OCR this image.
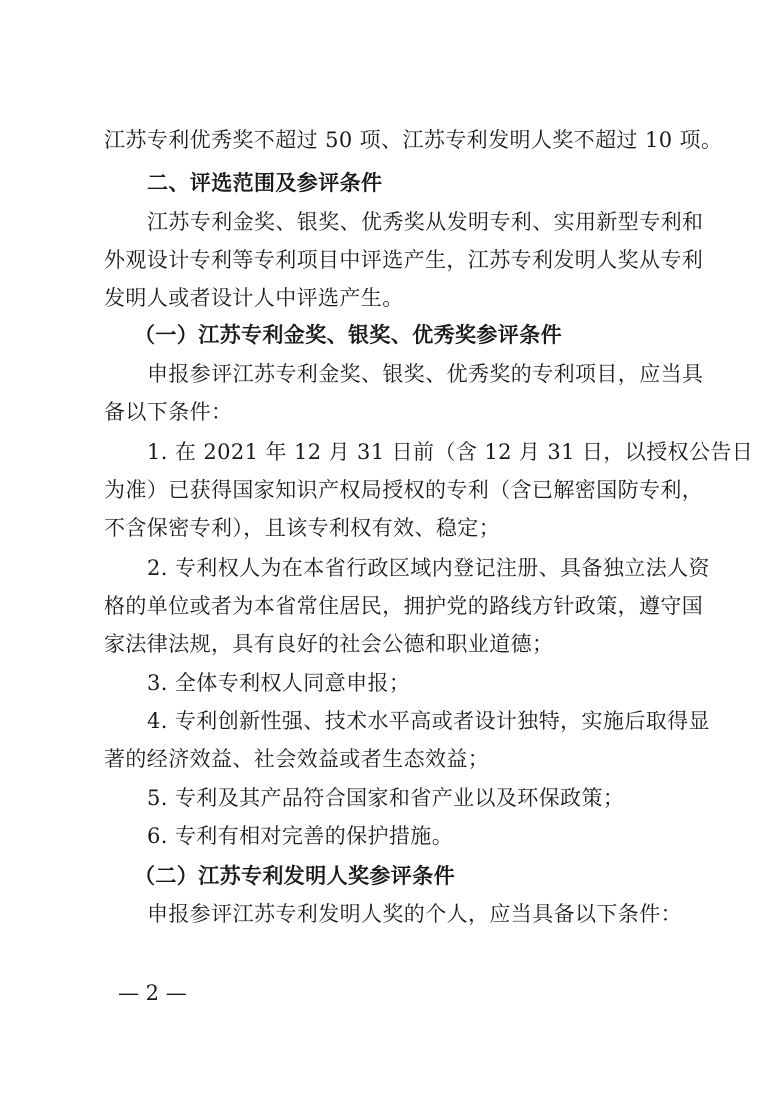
江苏专利优秀奖不超过 50 项、江苏专利发明人奖不超过 10 项。
二、评选范围及参评条件
江苏专利金奖、银奖、优秀奖从发明专利、实用新型专利和
外观设计专利等专利项目中评选产生，江苏专利发明人奖从专利
发明人或者设计人中评选产生。
（一）江苏专利金奖、银奖、优秀奖参评条件
申报参评江苏专利金奖、银奖、优秀奖的专利项目，应当具
备以下条件：
1. 在 2021 年 12 月 31 日前（含 12 月 31 日，以授权公告日
为准）已获得国家知识产权局授权的专利（含已解密国防专利，
不含保密专利），且该专利权有效、稳定；
2. 专利权人为在本省行政区域内登记注册、具备独立法人资
格的单位或者为本省常住居民，拥护党的路线方针政策，遵守国
家法律法规，具有良好的社会公德和职业道德；
3. 全体专利权人同意申报；
4. 专利创新性强、技术水平高或者设计独特，实施后取得显
著的经济效益、社会效益或者生态效益；
5. 专利及其产品符合国家和省产业以及环保政策；
6. 专利有相对完善的保护措施。
（二）江苏专利发明人奖参评条件
申报参评江苏专利发明人奖的个人，应当具备以下条件：
— 2 —
